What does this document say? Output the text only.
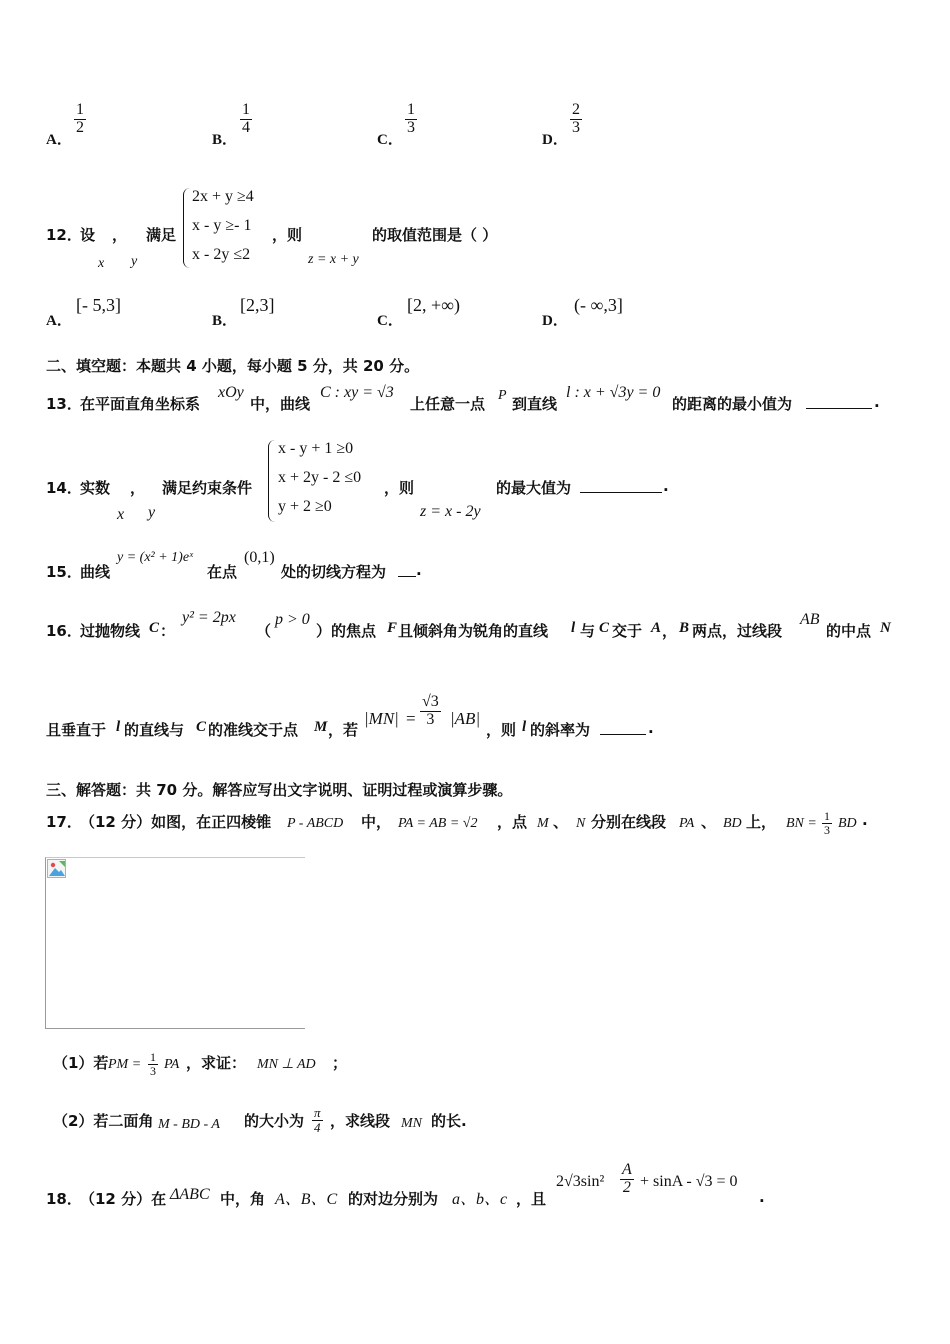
A．
$\frac{1}{2}$
B．
$\frac{1}{4}$
C．
$\frac{1}{3}$
D．
$\frac{2}{3}$
12．
设
x
，
y
满足
2x + y ≥4
x - y ≥- 1
x - 2y ≤2
，则
z = x + y
的取值范围是（ ）
A．
[- 5,3]
B．
[2,3]
C．
[2, +∞)
D．
(- ∞,3]
二、填空题：本题共 4 小题，每小题 5 分，共 20 分。
13．
在平面直角坐标系
xOy
中，曲线
C : xy = √3
上任意一点 P 到直线
l : x + √3y = 0
的距离的最小值为	.
14．
实数
x
，
y
满足约束条件
x - y + 1 ≥0
x + 2y - 2 ≤0
y + 2 ≥0
，则
z = x - 2y
的最大值为	.
15．
曲线
y = (x² + 1)eˣ
在点
(0,1)
处的切线方程为 .
16．
过抛物线 C ：
y² = 2px
（
p > 0
）的焦点 F 且倾斜角为锐角的直线 l 与 C 交于 A ， B 两点，过线段
AB
的中点 N
且垂直于 l 的直线与 C 的准线交于点 M ，若
$|MN| = \frac{√3}{3} |AB|$
，则 l 的斜率为	.
三、解答题：共 70 分。解答应写出文字说明、证明过程或演算步骤。
17．
（12 分）如图，在正四棱锥 P - ABCD 中， PA = AB = √2 ，点 M 、 N 分别在线段 PA 、 BD 上， BN = $\frac{1}{3}$ BD .
（1）若 PM = $\frac{1}{3}$ PA ，求证： MN ⊥ AD ；
（2）若二面角 M - BD - A 的大小为 $\frac{\pi}{4}$ ，求线段 MN 的长.
18．
（12 分）在 ΔABC 中，角 A、B、C 的对边分别为 a、b、c ，且
$2√3\sin^2 \frac{A}{2} + \sin A - √3 = 0$
.
